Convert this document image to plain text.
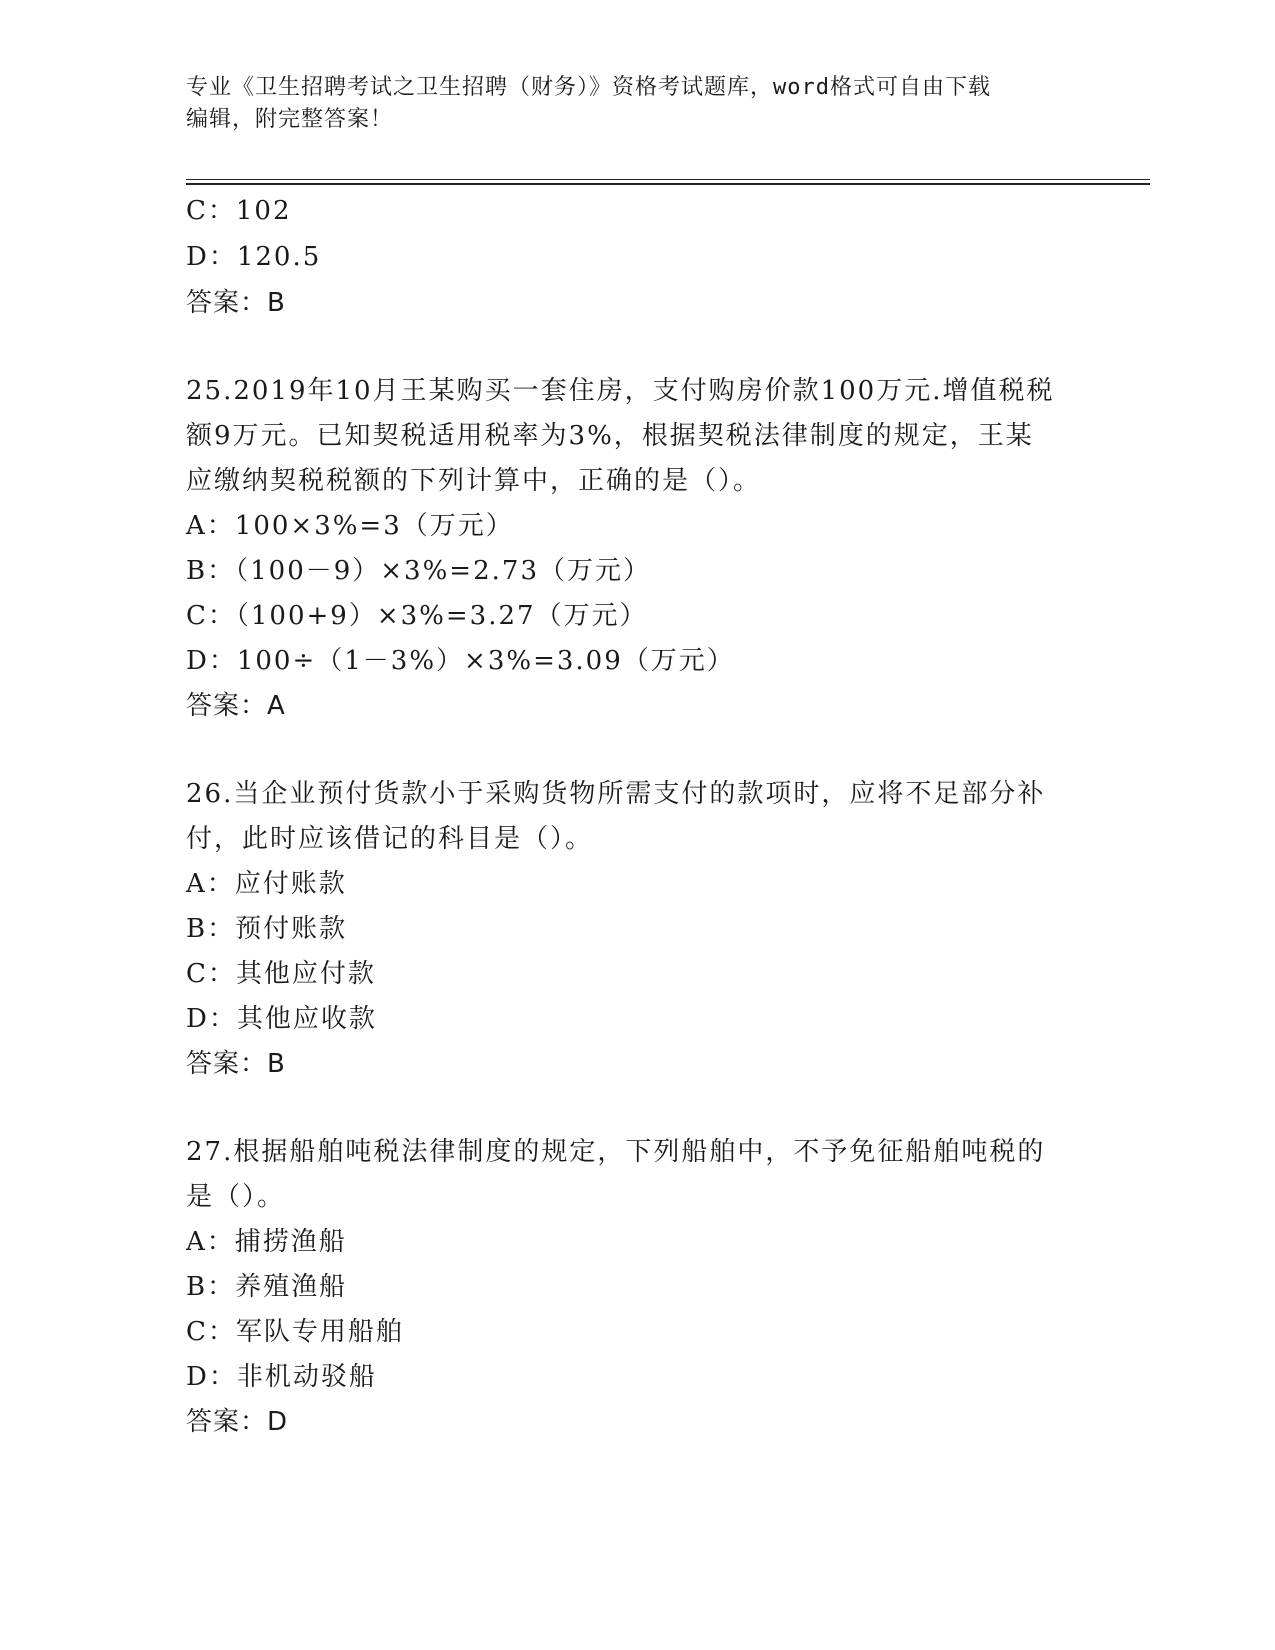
专业《卫生招聘考试之卫生招聘（财务）》资格考试题库，word格式可自由下载

编辑，附完整答案！

C：102
D：120.5
答案：B
25.2019年10月王某购买一套住房，支付购房价款100万元.增值税税
额9万元。已知契税适用税率为3%，根据契税法律制度的规定，王某
应缴纳契税税额的下列计算中，正确的是（）。
A：100×3%=3（万元）
B：（100－9）×3%=2.73（万元）
C：（100+9）×3%=3.27（万元）
D：100÷（1－3%）×3%=3.09（万元）
答案：A
26.当企业预付货款小于采购货物所需支付的款项时，应将不足部分补
付，此时应该借记的科目是（）。
A：应付账款
B：预付账款
C：其他应付款
D：其他应收款
答案：B
27.根据船舶吨税法律制度的规定，下列船舶中，不予免征船舶吨税的
是（）。
A：捕捞渔船
B：养殖渔船
C：军队专用船舶
D：非机动驳船
答案：D
